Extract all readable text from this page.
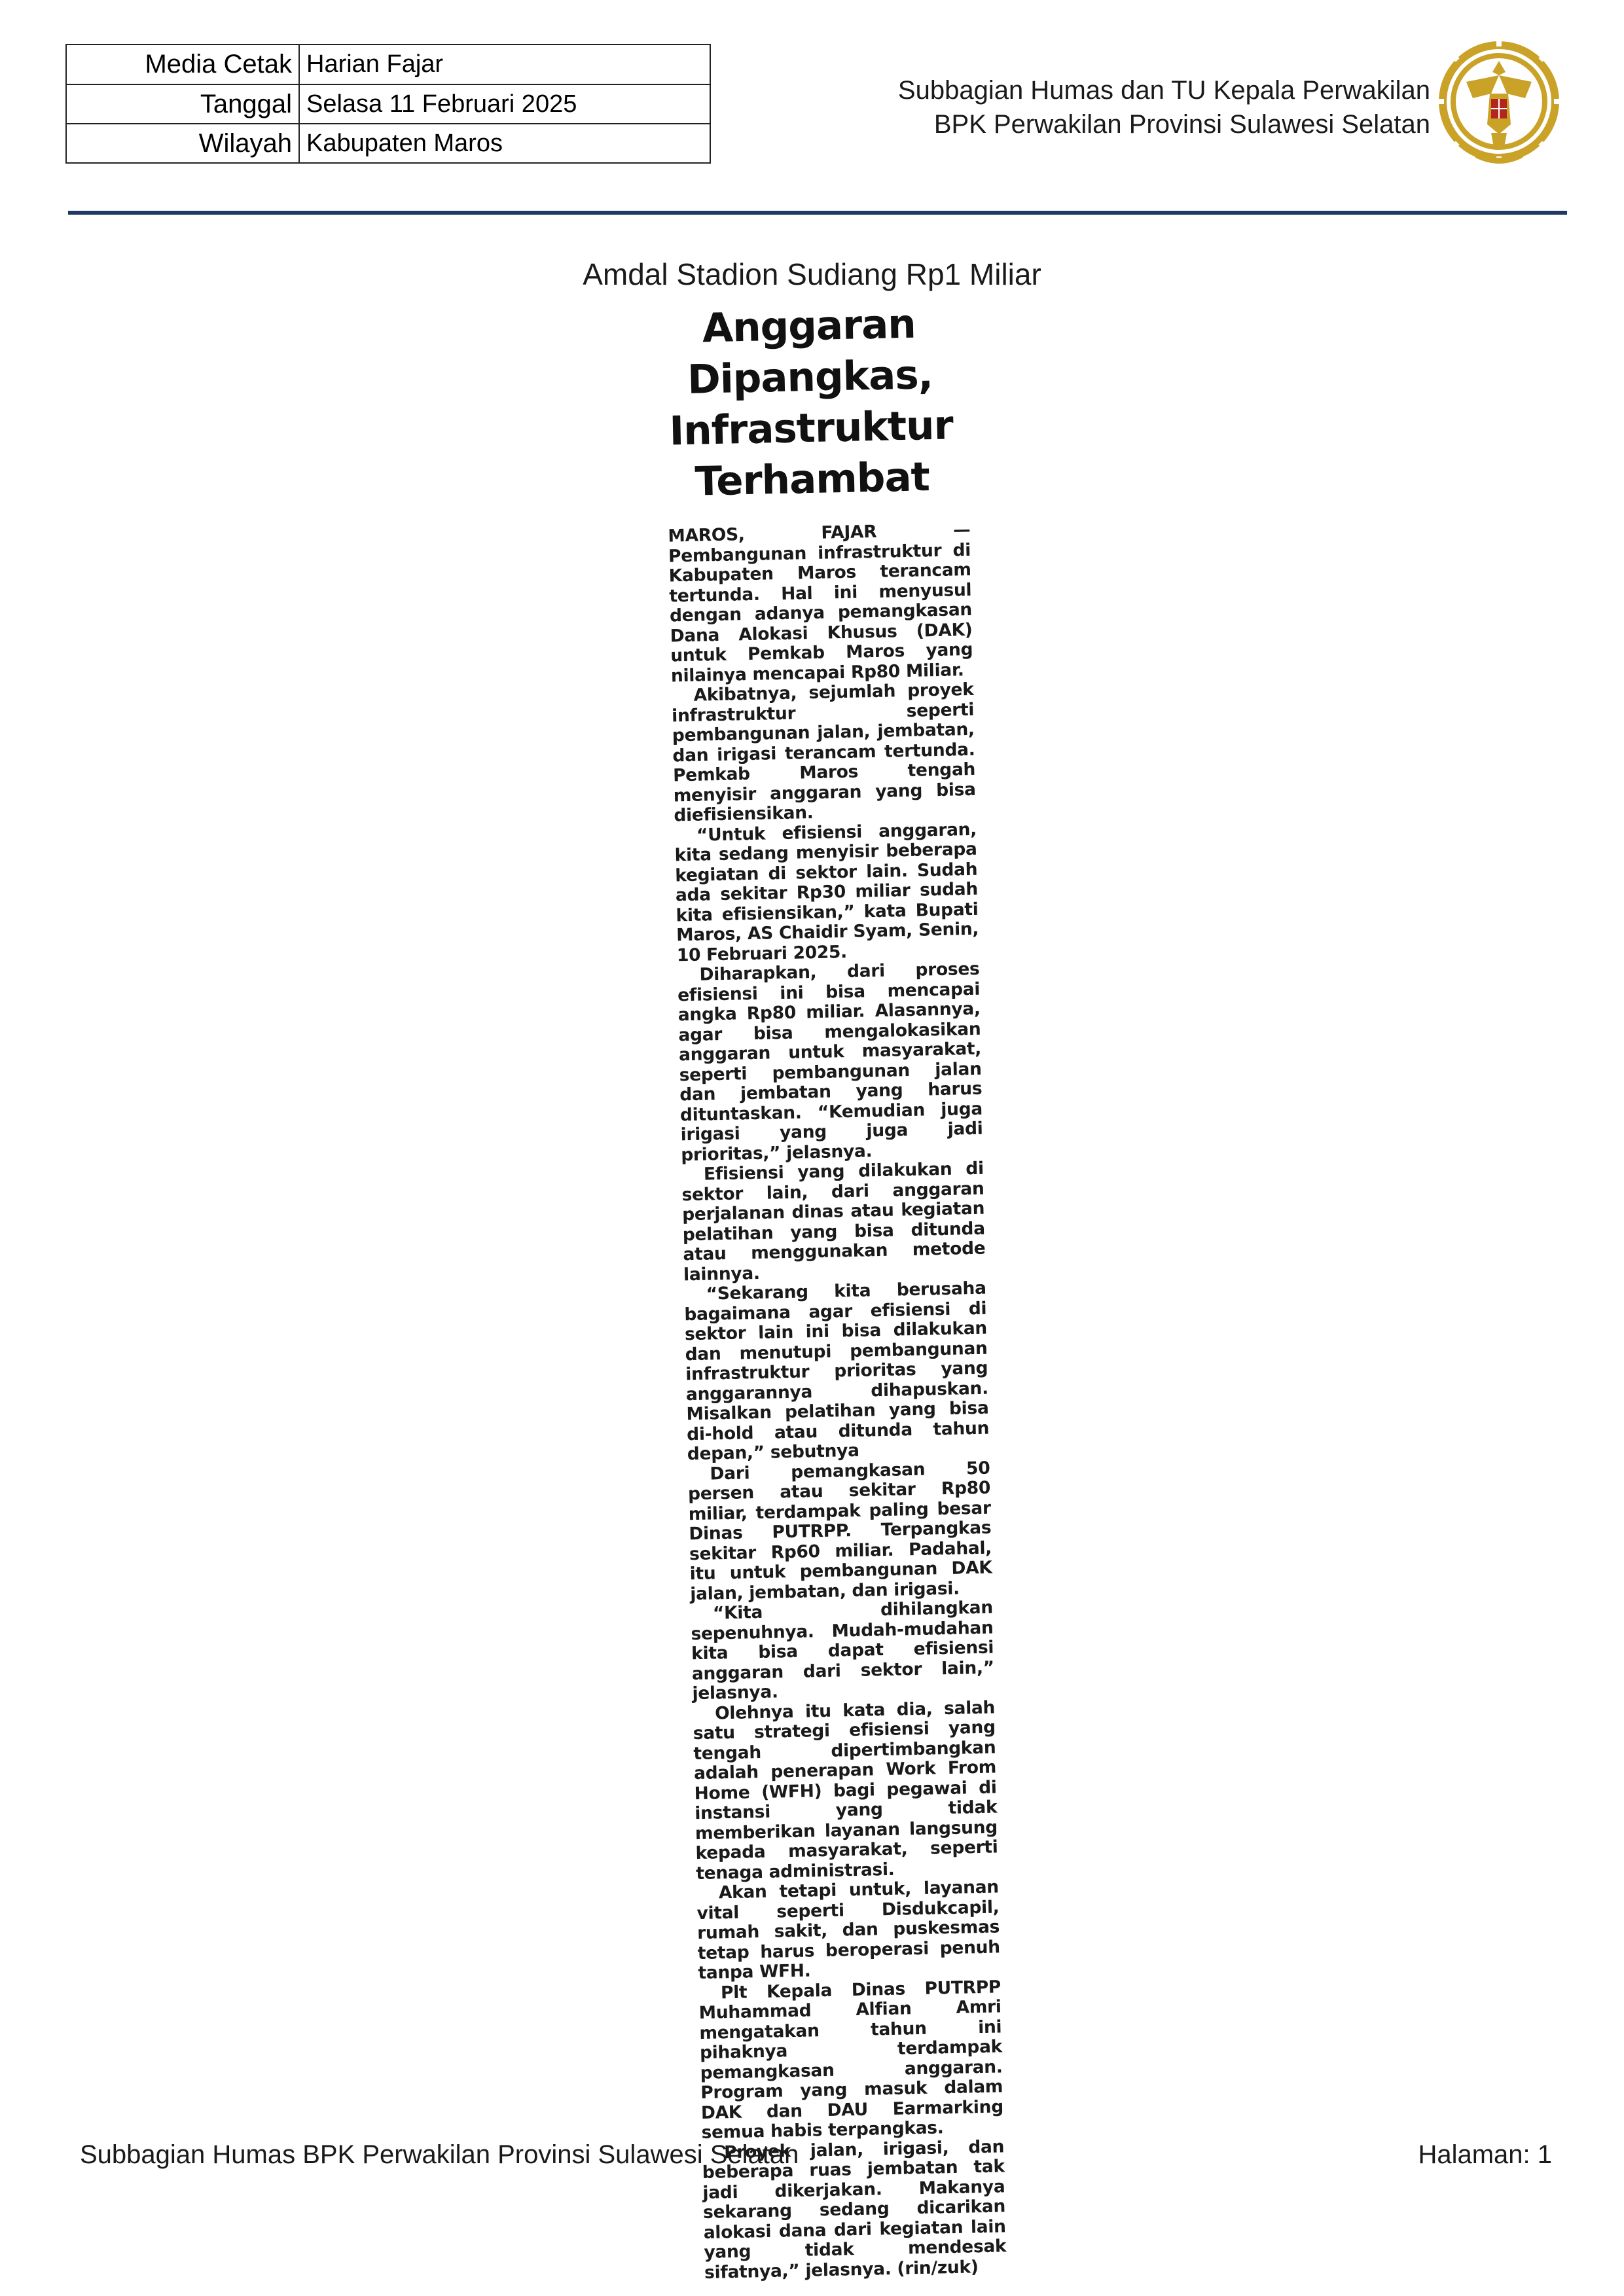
Media Cetak	Harian Fajar
Tanggal	Selasa 11 Februari 2025
Wilayah	Kabupaten Maros
Subbagian Humas dan TU Kepala Perwakilan
BPK Perwakilan Provinsi Sulawesi Selatan
Amdal Stadion Sudiang Rp1 Miliar
Anggaran
Dipangkas,
Infrastruktur
Terhambat

MAROS, FAJAR	— Pembangunan infrastruktur di Kabupaten Maros terancam tertunda. Hal ini menyusul dengan adanya pemangkasan Dana Alokasi Khusus (DAK) untuk Pemkab Maros yang nilainya mencapai Rp80 Miliar.

Akibatnya, sejumlah proyek infrastruktur seperti pembangunan jalan, jembatan, dan irigasi terancam tertunda. Pemkab Maros tengah menyisir anggaran yang bisa diefisiensikan.

“Untuk efisiensi anggaran, kita sedang menyisir beberapa kegiatan di sektor lain. Sudah ada sekitar Rp30 miliar sudah kita efisiensikan,” kata Bupati Maros, AS Chaidir Syam, Senin, 10 Februari 2025.

Diharapkan, dari proses efisiensi ini bisa mencapai angka Rp80 miliar. Alasannya, agar bisa mengalokasikan anggaran untuk masyarakat, seperti pembangunan jalan dan jembatan yang harus dituntaskan. “Kemudian juga irigasi yang juga jadi prioritas,” jelasnya.

Efisiensi yang dilakukan di sektor lain, dari anggaran perjalanan dinas atau kegiatan pelatihan yang bisa ditunda atau menggunakan metode lainnya.

“Sekarang kita berusaha bagaimana agar efisiensi di sektor lain ini bisa dilakukan dan menutupi pembangunan infrastruktur prioritas yang anggarannya dihapuskan. Misalkan pelatihan yang bisa di-hold atau ditunda tahun depan,” sebutnya

Dari pemangkasan 50 persen atau sekitar Rp80 miliar, terdampak paling besar Dinas PUTRPP. Terpangkas sekitar Rp60 miliar. Padahal, itu untuk pembangunan DAK jalan, jembatan, dan irigasi.

“Kita dihilangkan sepenuhnya. Mudah-mudahan kita bisa dapat efisiensi anggaran dari sektor lain,” jelasnya.

Olehnya itu kata dia, salah satu strategi efisiensi yang tengah dipertimbangkan adalah penerapan Work From Home (WFH) bagi pegawai di instansi yang tidak memberikan layanan langsung kepada masyarakat, seperti tenaga administrasi.

Akan tetapi untuk, layanan vital seperti Disdukcapil, rumah sakit, dan puskesmas tetap harus beroperasi penuh tanpa WFH.

Plt Kepala Dinas PUTRPP Muhammad Alfian Amri mengatakan tahun ini pihaknya terdampak pemangkasan anggaran. Program yang masuk dalam DAK dan DAU Earmarking semua habis terpangkas.

Proyek jalan, irigasi, dan beberapa ruas jembatan tak jadi dikerjakan. Makanya sekarang sedang dicarikan alokasi dana dari kegiatan lain yang tidak mendesak sifatnya,” jelasnya. (rin/zuk)

Subbagian Humas BPK Perwakilan Provinsi Sulawesi Selatan	Halaman: 1
